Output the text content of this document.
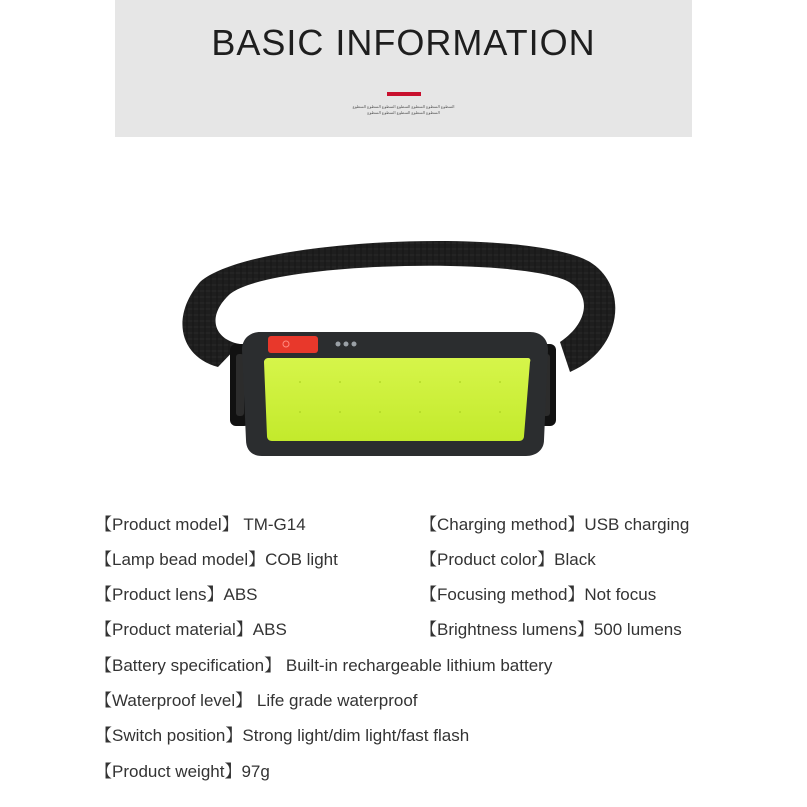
BASIC INFORMATION
السطوع السطوع السطوع السطوع السطوع السطوع السطوع
السطوع السطوع السطوع السطوع السطوع
【Product model】 TM-G14
【Lamp bead model】COB light
【Product lens】ABS
【Product material】ABS
【Charging method】USB charging
【Product color】Black
【Focusing method】Not focus
【Brightness lumens】500 lumens
【Battery specification】 Built-in rechargeable lithium battery
【Waterproof level】 Life grade waterproof
【Switch position】Strong light/dim light/fast flash
【Product weight】97g
